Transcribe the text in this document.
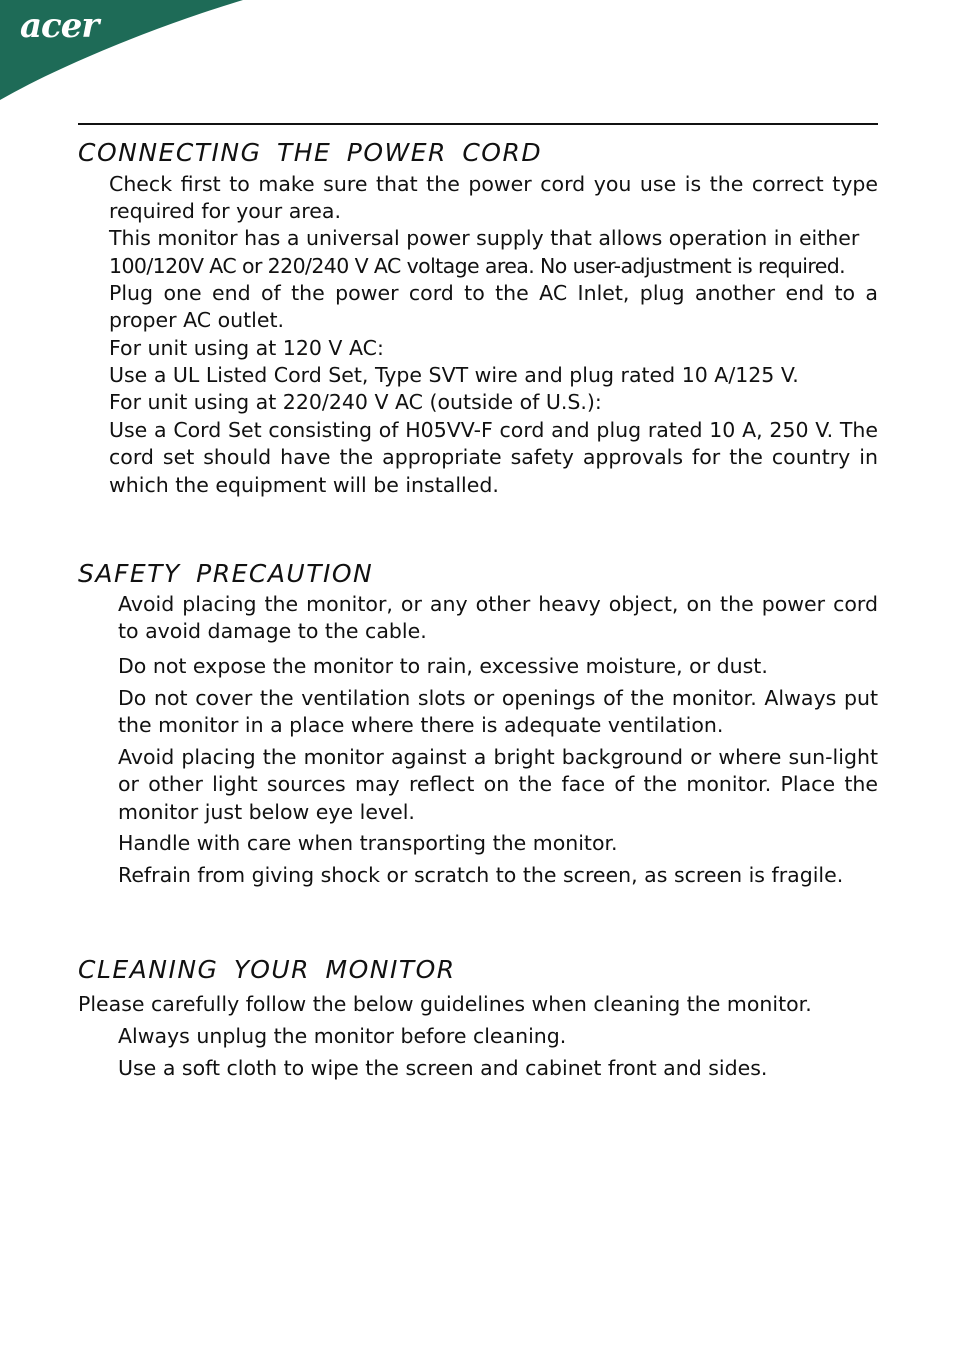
acer
CONNECTING THE POWER CORD

Check first to make sure that the power cord you use is the correct type required for your area.

This monitor has a universal power supply that allows operation in either

100/120V AC or 220/240 V AC voltage area. No user-adjustment is required.

Plug one end of the power cord to the AC Inlet, plug another end to a proper AC outlet.

For unit using at 120 V AC:

Use a UL Listed Cord Set, Type SVT wire and plug rated 10 A/125 V.

For unit using at 220/240 V AC (outside of U.S.):

Use a Cord Set consisting of H05VV-F cord and plug rated 10 A, 250 V. The cord set should have the appropriate safety approvals for the country in which the equipment will be installed.

SAFETY PRECAUTION

Avoid placing the monitor, or any other heavy object, on the power cord to avoid damage to the cable.

Do not expose the monitor to rain, excessive moisture, or dust.

Do not cover the ventilation slots or openings of the monitor. Always put the monitor in a place where there is adequate ventilation.

Avoid placing the monitor against a bright background or where sun-light or other light sources may reflect on the face of the monitor. Place the monitor just below eye level.

Handle with care when transporting the monitor.

Refrain from giving shock or scratch to the screen, as screen is fragile.

CLEANING YOUR MONITOR

Please carefully follow the below guidelines when cleaning the monitor.

Always unplug the monitor before cleaning.

Use a soft cloth to wipe the screen and cabinet front and sides.
